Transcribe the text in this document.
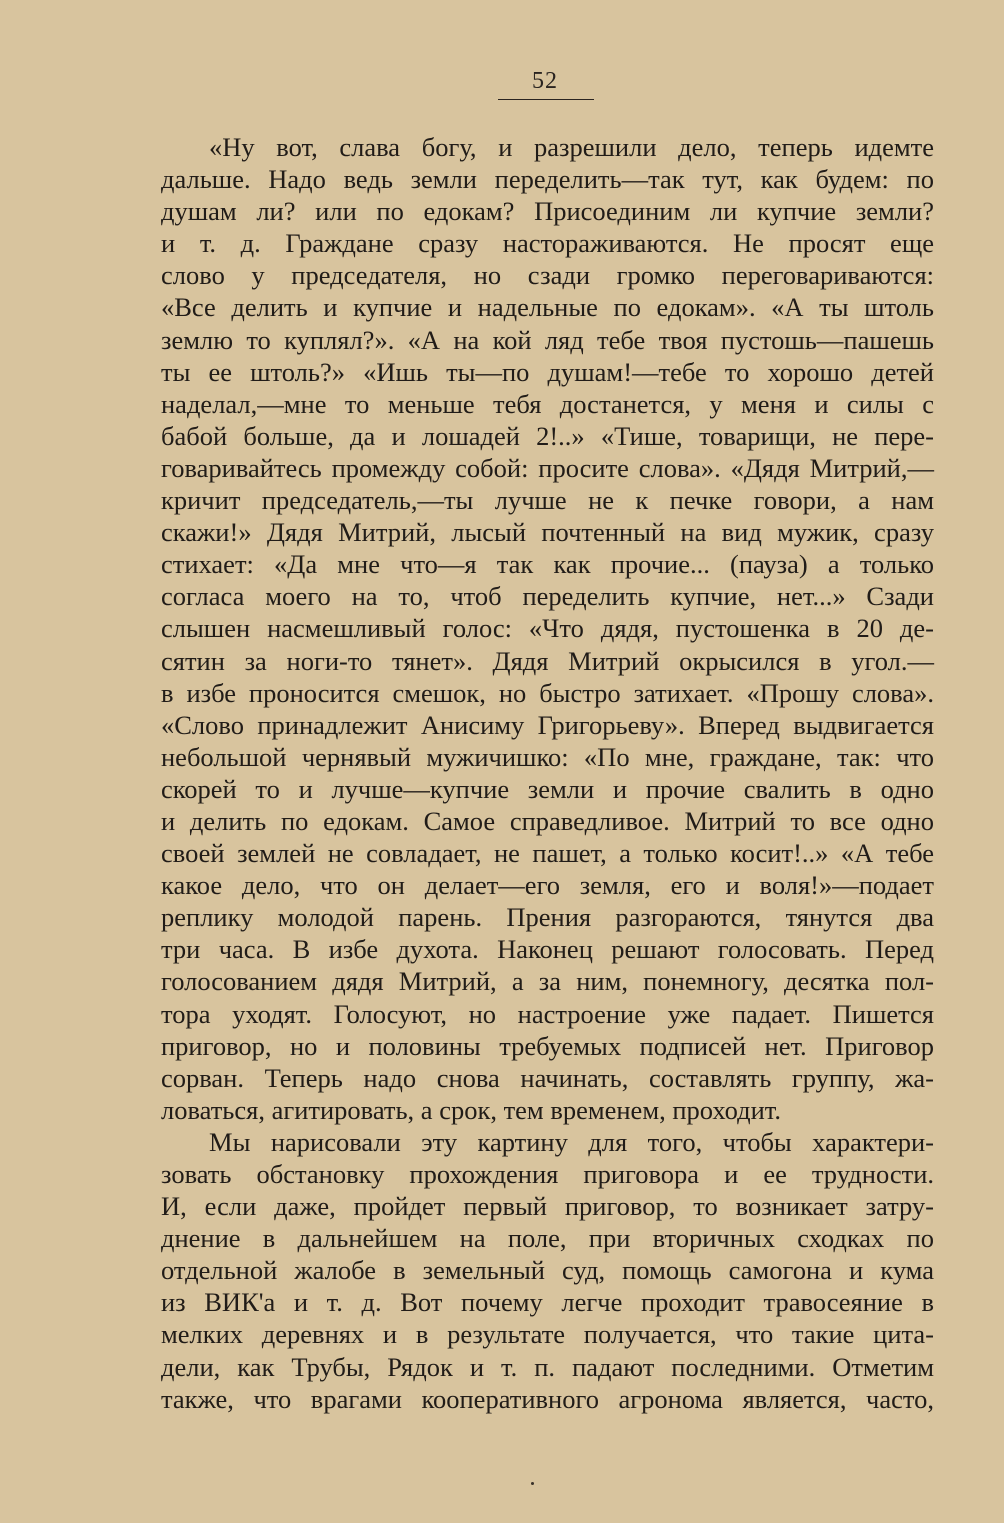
52
«Ну вот, слава богу, и разрешили дело, теперь идемте
дальше. Надо ведь земли переделить—так тут, как будем: по
душам ли? или по едокам? Присоединим ли купчие земли?
и т. д. Граждане сразу настораживаются. Не просят еще
слово у председателя, но сзади громко переговариваются:
«Все делить и купчие и надельные по едокам». «А ты штоль
землю то куплял?». «А на кой ляд тебе твоя пустошь—пашешь
ты ее штоль?» «Ишь ты—по душам!—тебе то хорошо детей
наделал,—мне то меньше тебя достанется, у меня и силы с
бабой больше, да и лошадей 2!..» «Тише, товарищи, не пере-
говаривайтесь промежду собой: просите слова». «Дядя Митрий,—
кричит председатель,—ты лучше не к печке говори, а нам
скажи!» Дядя Митрий, лысый почтенный на вид мужик, сразу
стихает: «Да мне что—я так как прочие... (пауза) а только
согласа моего на то, чтоб переделить купчие, нет...» Сзади
слышен насмешливый голос: «Что дядя, пустошенка в 20 де-
сятин за ноги-то тянет». Дядя Митрий окрысился в угол.—
в избе проносится смешок, но быстро затихает. «Прошу слова».
«Слово принадлежит Анисиму Григорьеву». Вперед выдвигается
небольшой чернявый мужичишко: «По мне, граждане, так: что
скорей то и лучше—купчие земли и прочие свалить в одно
и делить по едокам. Самое справедливое. Митрий то все одно
своей землей не совладает, не пашет, а только косит!..» «А тебе
какое дело, что он делает—его земля, его и воля!»—подает
реплику молодой парень. Прения разгораются, тянутся два
три часа. В избе духота. Наконец решают голосовать. Перед
голосованием дядя Митрий, а за ним, понемногу, десятка пол-
тора уходят. Голосуют, но настроение уже падает. Пишется
приговор, но и половины требуемых подписей нет. Приговор
сорван. Теперь надо снова начинать, составлять группу, жа-
ловаться, агитировать, а срок, тем временем, проходит.
Мы нарисовали эту картину для того, чтобы характери-
зовать обстановку прохождения приговора и ее трудности.
И, если даже, пройдет первый приговор, то возникает затру-
днение в дальнейшем на поле, при вторичных сходках по
отдельной жалобе в земельный суд, помощь самогона и кума
из ВИК'а и т. д. Вот почему легче проходит травосеяние в
мелких деревнях и в результате получается, что такие цита-
дели, как Трубы, Рядок и т. п. падают последними. Отметим
также, что врагами кооперативного агронома является, часто,
